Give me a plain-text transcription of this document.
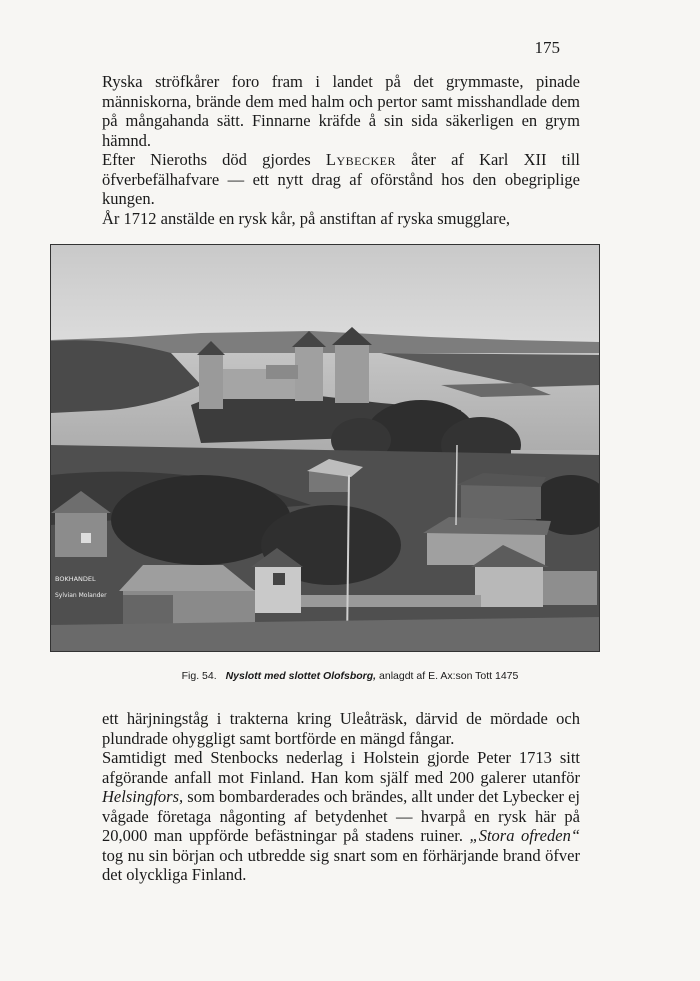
175

Ryska ströfkårer foro fram i landet på det grymmaste, pinade människorna, brände dem med halm och pertor samt misshandlade dem på mångahanda sätt. Finnarne kräfde å sin sida säkerligen en grym hämnd.

Efter Nieroths död gjordes Lybecker åter af Karl XII till öfverbefälhafvare — ett nytt drag af oförstånd hos den obegriplige kungen.

År 1712 anstälde en rysk kår, på anstiftan af ryska smugglare,

BOKHANDEL
Sylvian Molander
Fig. 54. Nyslott med slottet Olofsborg, anlagdt af E. Ax:son Tott 1475

ett härjningståg i trakterna kring Uleåträsk, därvid de mördade och plundrade ohyggligt samt bortförde en mängd fångar.

Samtidigt med Stenbocks nederlag i Holstein gjorde Peter 1713 sitt afgörande anfall mot Finland. Han kom själf med 200 galerer utanför Helsingfors, som bombarderades och brändes, allt under det Lybecker ej vågade företaga någonting af betydenhet — hvarpå en rysk här på 20,000 man uppförde befästningar på stadens ruiner. „Stora ofreden“ tog nu sin början och utbredde sig snart som en förhärjande brand öfver det olyckliga Finland.
